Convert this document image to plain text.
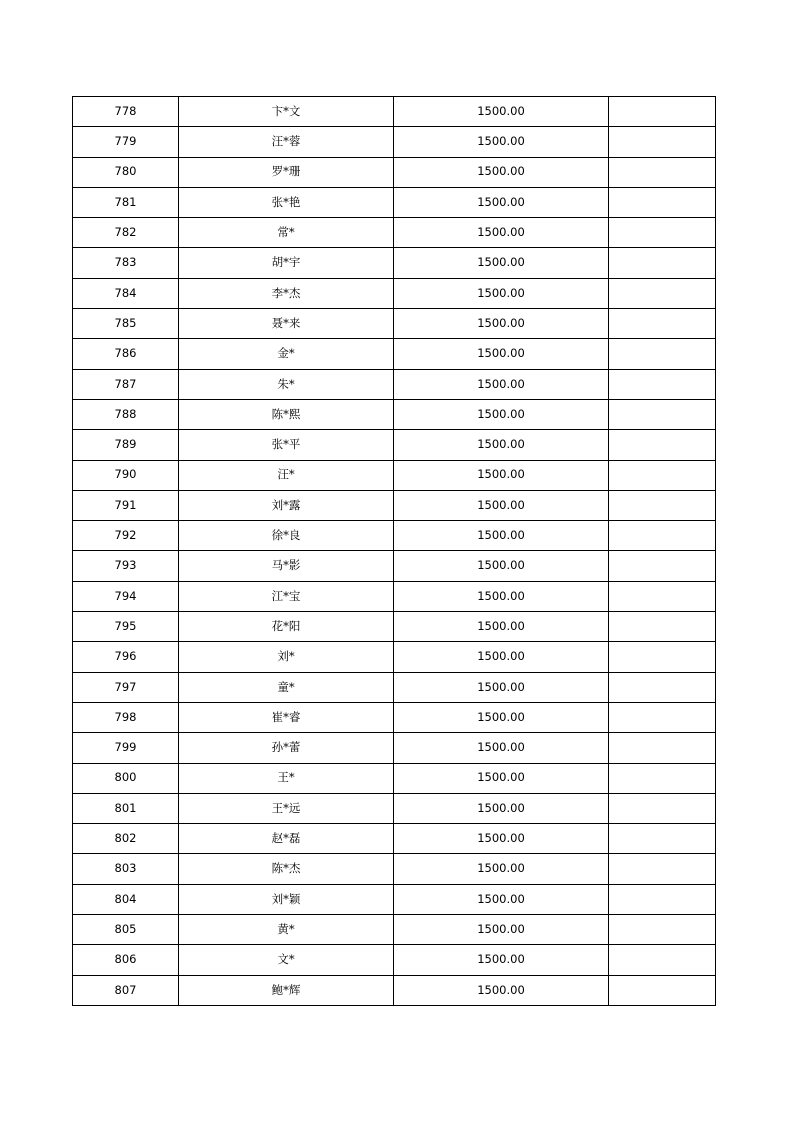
778	卞*文	1500.00	
779	汪*蓉	1500.00	
780	罗*珊	1500.00	
781	张*艳	1500.00	
782	常*	1500.00	
783	胡*宇	1500.00	
784	李*杰	1500.00	
785	聂*来	1500.00	
786	金*	1500.00	
787	朱*	1500.00	
788	陈*熙	1500.00	
789	张*平	1500.00	
790	汪*	1500.00	
791	刘*露	1500.00	
792	徐*良	1500.00	
793	马*影	1500.00	
794	江*宝	1500.00	
795	花*阳	1500.00	
796	刘*	1500.00	
797	童*	1500.00	
798	崔*睿	1500.00	
799	孙*蕾	1500.00	
800	王*	1500.00	
801	王*远	1500.00	
802	赵*磊	1500.00	
803	陈*杰	1500.00	
804	刘*颖	1500.00	
805	黄*	1500.00	
806	文*	1500.00	
807	鲍*辉	1500.00	
